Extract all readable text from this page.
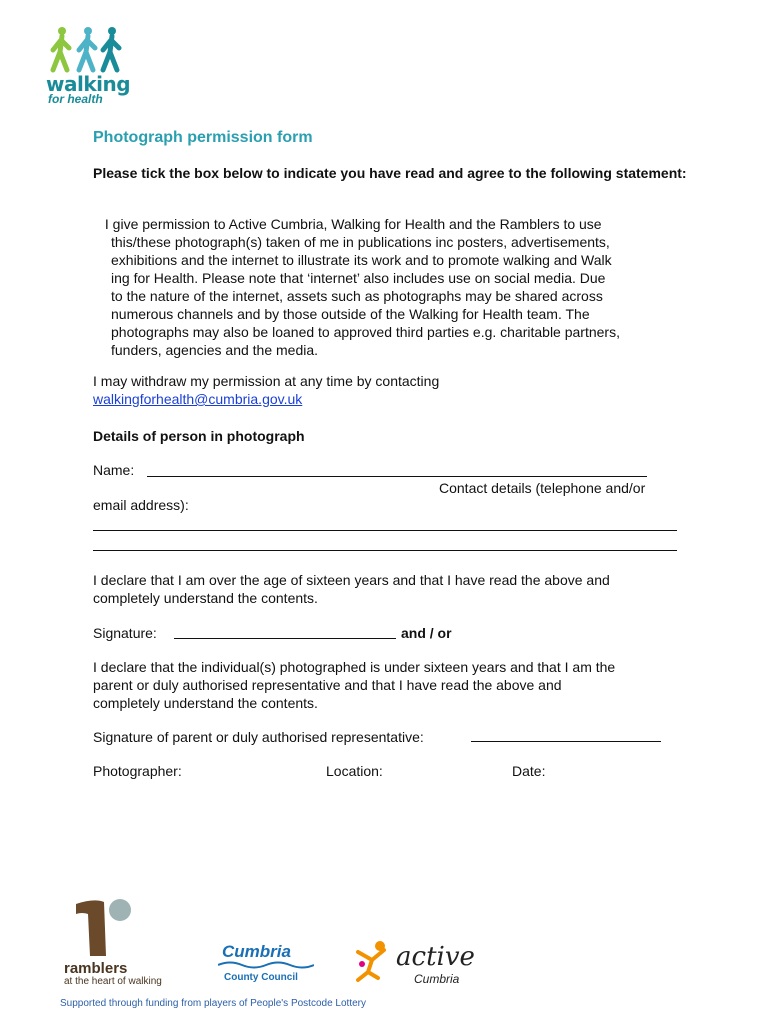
walking
for health
Photograph permission form
Please tick the box below to indicate you have read and agree to the following statement:
I give permission to Active Cumbria, Walking for Health and the Ramblers to use
this/these photograph(s) taken of me in publications inc posters, advertisements,
exhibitions and the internet to illustrate its work and to promote walking and Walk
ing for Health. Please note that ‘internet’ also includes use on social media. Due
to the nature of the internet, assets such as photographs may be shared across
numerous channels and by those outside of the Walking for Health team. The
photographs may also be loaned to approved third parties e.g. charitable partners,
funders, agencies and the media.
I may withdraw my permission at any time by contacting
walkingforhealth@cumbria.gov.uk
Details of person in photograph
Name:
Contact details (telephone and/or
email address):
I declare that I am over the age of sixteen years and that I have read the above and
completely understand the contents.
Signature:	and / or
I declare that the individual(s) photographed is under sixteen years and that I am the
parent or duly authorised representative and that I have read the above and
completely understand the contents.
Signature of parent or duly authorised representative:
Photographer:	Location:	Date:
ramblers
at the heart of walking
Cumbria
County Council
active
Cumbria
Supported through funding from players of People's Postcode Lottery
